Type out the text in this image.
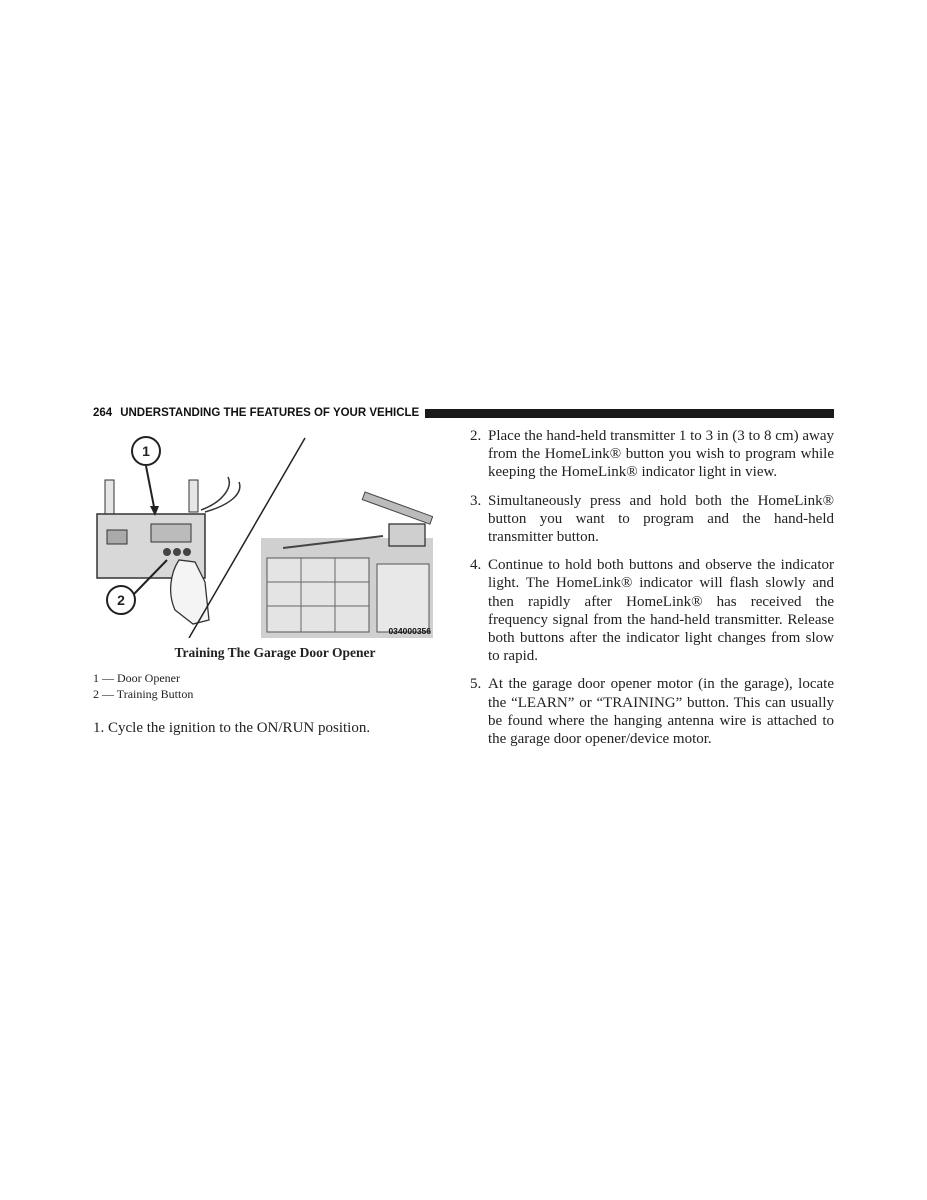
264 UNDERSTANDING THE FEATURES OF YOUR VEHICLE
1
2
034000356
Training The Garage Door Opener
1 — Door Opener
2 — Training Button
1. Cycle the ignition to the ON/RUN position.
2. Place the hand-held transmitter 1 to 3 in (3 to 8 cm) away from the HomeLink® button you wish to program while keeping the HomeLink® indicator light in view.
3. Simultaneously press and hold both the HomeLink® button you want to program and the hand-held transmitter button.
4. Continue to hold both buttons and observe the indicator light. The HomeLink® indicator will flash slowly and then rapidly after HomeLink® has received the frequency signal from the hand-held transmitter. Release both buttons after the indicator light changes from slow to rapid.
5. At the garage door opener motor (in the garage), locate the “LEARN” or “TRAINING” button. This can usually be found where the hanging antenna wire is attached to the garage door opener/device motor.
